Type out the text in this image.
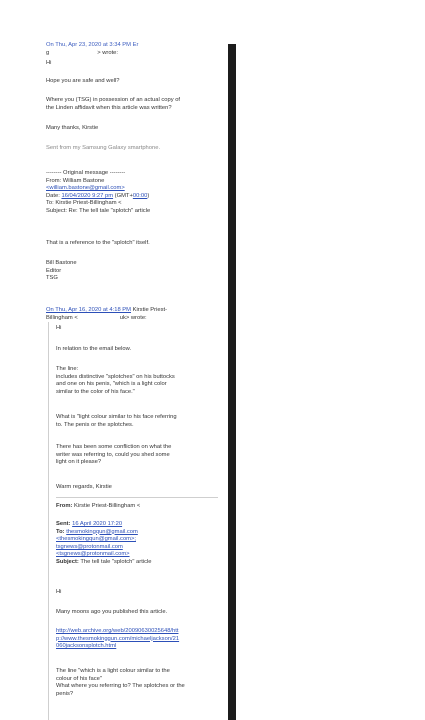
On Thu, Apr 23, 2020 at 3:34 PM Er
g	> wrote:
Hi
Hope you are safe and well?
Where you (TSG) in possession of an actual copy of
the Linden affidavit when this article was written?
Many thanks, Kirstie
Sent from my Samsung Galaxy smartphone.
-------- Original message --------
From: William Bastone
<william.bastone@gmail.com>
Date: 16/04/2020 9:27 pm (GMT+00:00)
To: Kirstie Priest-Billingham <
Subject: Re: The tell tale "splotch" article
That is a reference to the "splotch" itself.
Bill Bastone
Editor
TSG
On Thu, Apr 16, 2020 at 4:18 PM Kirstie Priest-
Billingham <	uk> wrote:
Hi
In relation to the email below.
The line:
includes distinctive "splotches" on his buttocks
and one on his penis, "which is a light color
similar to the color of his face."
What is "light colour similar to his face referring
to. The penis or the splotches.
There has been some confliction on what the
writer was referring to, could you shed some
light on it please?
Warm regards, Kirstie
From: Kirstie Priest-Billingham <
Sent: 16 April 2020 17:20
To: thesmokingqun@gmail.com
<thesmokingqun@gmail.com>;
tsgnews@protonmail.com
<tsgnews@protonmail.com>
Subject: The tell tale "splotch" article
Hi
Many moons ago you published this article.
http://web.archive.org/web/20090630025648/htt
p://www.thesmokinggun.com/michaeljackson/21
060jacksonsplotch.html
The line "which is a light colour similar to the
colour of his face"
What where you referring to? The splotches or the
penis?
